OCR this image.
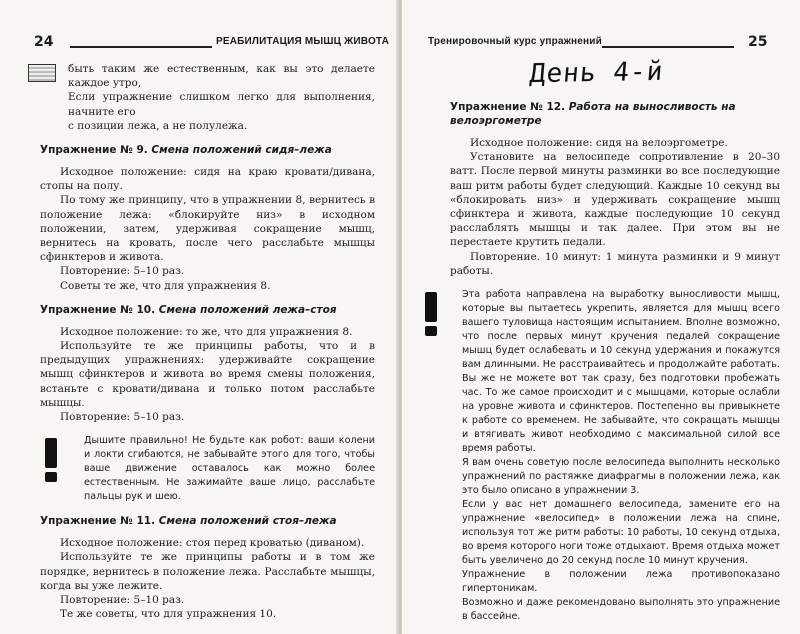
24	РЕАБИЛИТАЦИЯ МЫШЦ ЖИВОТА

быть таким же естественным, как вы это делаете каждое утро,

Если упражнение слишком легко для выполнения, начните его

с позиции лежа, а не полулежа.

Упражнение № 9. Смена положений сидя–лежа

Исходное положение: сидя на краю кровати/дивана, стопы на полу.

По тому же принципу, что в упражнении 8, вернитесь в положение лежа: «блокируйте низ» в исходном положении, затем, удерживая сокращение мышц, вернитесь на кровать, после чего расслабьте мышцы сфинктеров и живота.

Повторение: 5–10 раз.

Советы те же, что для упражнения 8.

Упражнение № 10. Смена положений лежа–стоя

Исходное положение: то же, что для упражнения 8.

Используйте те же принципы работы, что и в предыдущих упражнениях: удерживайте сокращение мышц сфинктеров и живота во время смены положения, встаньте с кровати/дивана и только потом расслабьте мышцы.

Повторение: 5–10 раз.

Дышите правильно! Не будьте как робот: ваши колени и локти сгибаются, не забывайте этого для того, чтобы ваше движение оставалось как можно более естественным. Не зажимайте ваше лицо, расслабьте пальцы рук и шею.

Упражнение № 11. Смена положений стоя–лежа

Исходное положение: стоя перед кроватью (диваном).

Используйте те же принципы работы и в том же порядке, вернитесь в положение лежа. Расслабьте мышцы, когда вы уже лежите.

Повторение: 5–10 раз.

Те же советы, что для упражнения 10.

Тренировочный курс упражнений	25
День 4-й
Упражнение № 12. Работа на выносливость на велоэргометре

Исходное положение: сидя на велоэргометре.

Установите на велосипеде сопротивление в 20–30 ватт. После первой минуты разминки во все последующие ваш ритм работы будет следующий. Каждые 10 секунд вы «блокировать низ» и удерживать сокращение мышц сфинктера и живота, каждые последующие 10 секунд расслаблять мышцы и так далее. При этом вы не перестаете крутить педали.

Повторение. 10 минут: 1 минута разминки и 9 минут работы.

Эта работа направлена на выработку выносливости мышц, которые вы пытаетесь укрепить, является для мышц всего вашего туловища настоящим испытанием. Вполне возможно, что после первых минут кручения педалей сокращение мышц будет ослабевать и 10 секунд удержания и покажутся вам длинными. Не расстраивайтесь и продолжайте работать. Вы же не можете вот так сразу, без подготовки пробежать час. То же самое происходит и с мышцами, которые ослабли на уровне живота и сфинктеров. Постепенно вы привыкнете к работе со временем. Не забывайте, что сокращать мышцы и втягивать живот необходимо с максимальной силой все время работы.

Я вам очень советую после велосипеда выполнить несколько упражнений по растяжке диафрагмы в положении лежа, как это было описано в упражнении 3.

Если у вас нет домашнего велосипеда, замените его на упражнение «велосипед» в положении лежа на спине, используя тот же ритм работы: 10 работы, 10 секунд отдыха, во время которого ноги тоже отдыхают. Время отдыха может быть увеличено до 20 секунд после 10 минут кручения.

Упражнение в положении лежа противопоказано гипертоникам.

Возможно и даже рекомендовано выполнять это упражнение в бассейне.
